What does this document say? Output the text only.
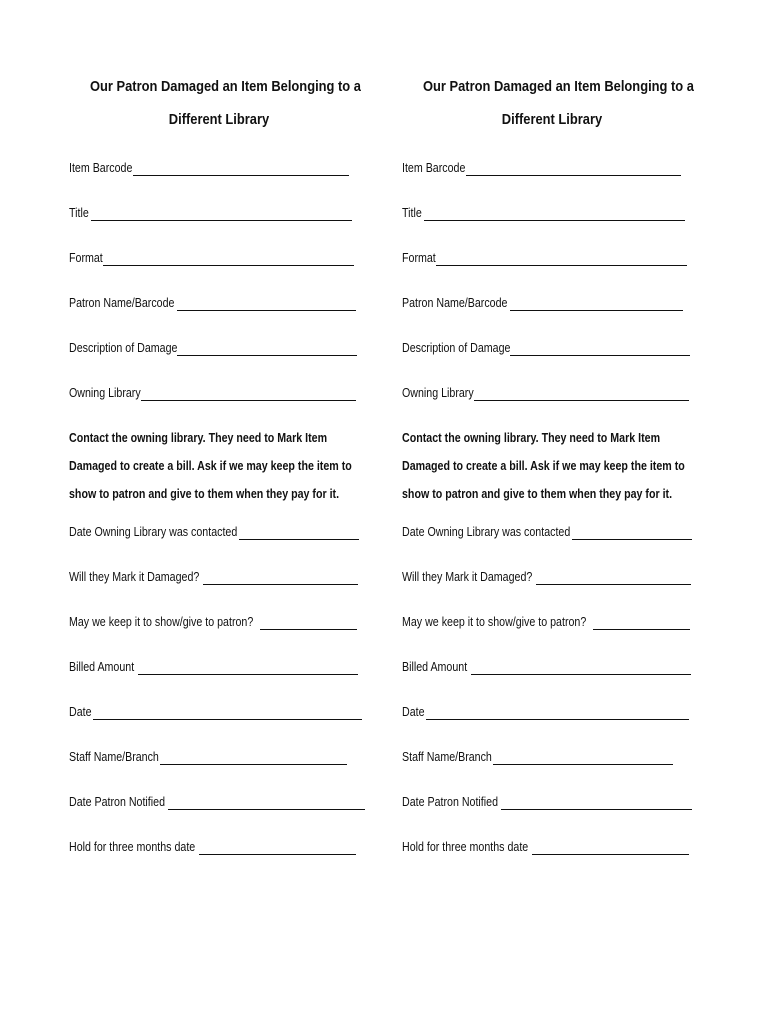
Our Patron Damaged an Item Belonging to a
Different Library
Item Barcode
Title
Format
Patron Name/Barcode
Description of Damage
Owning Library
Contact the owning library. They need to Mark Item
Damaged to create a bill. Ask if we may keep the item to
show to patron and give to them when they pay for it.
Date Owning Library was contacted
Will they Mark it Damaged?
May we keep it to show/give to patron?
Billed Amount
Date
Staff Name/Branch
Date Patron Notified
Hold for three months date
Our Patron Damaged an Item Belonging to a
Different Library
Item Barcode
Title
Format
Patron Name/Barcode
Description of Damage
Owning Library
Contact the owning library. They need to Mark Item
Damaged to create a bill. Ask if we may keep the item to
show to patron and give to them when they pay for it.
Date Owning Library was contacted
Will they Mark it Damaged?
May we keep it to show/give to patron?
Billed Amount
Date
Staff Name/Branch
Date Patron Notified
Hold for three months date
